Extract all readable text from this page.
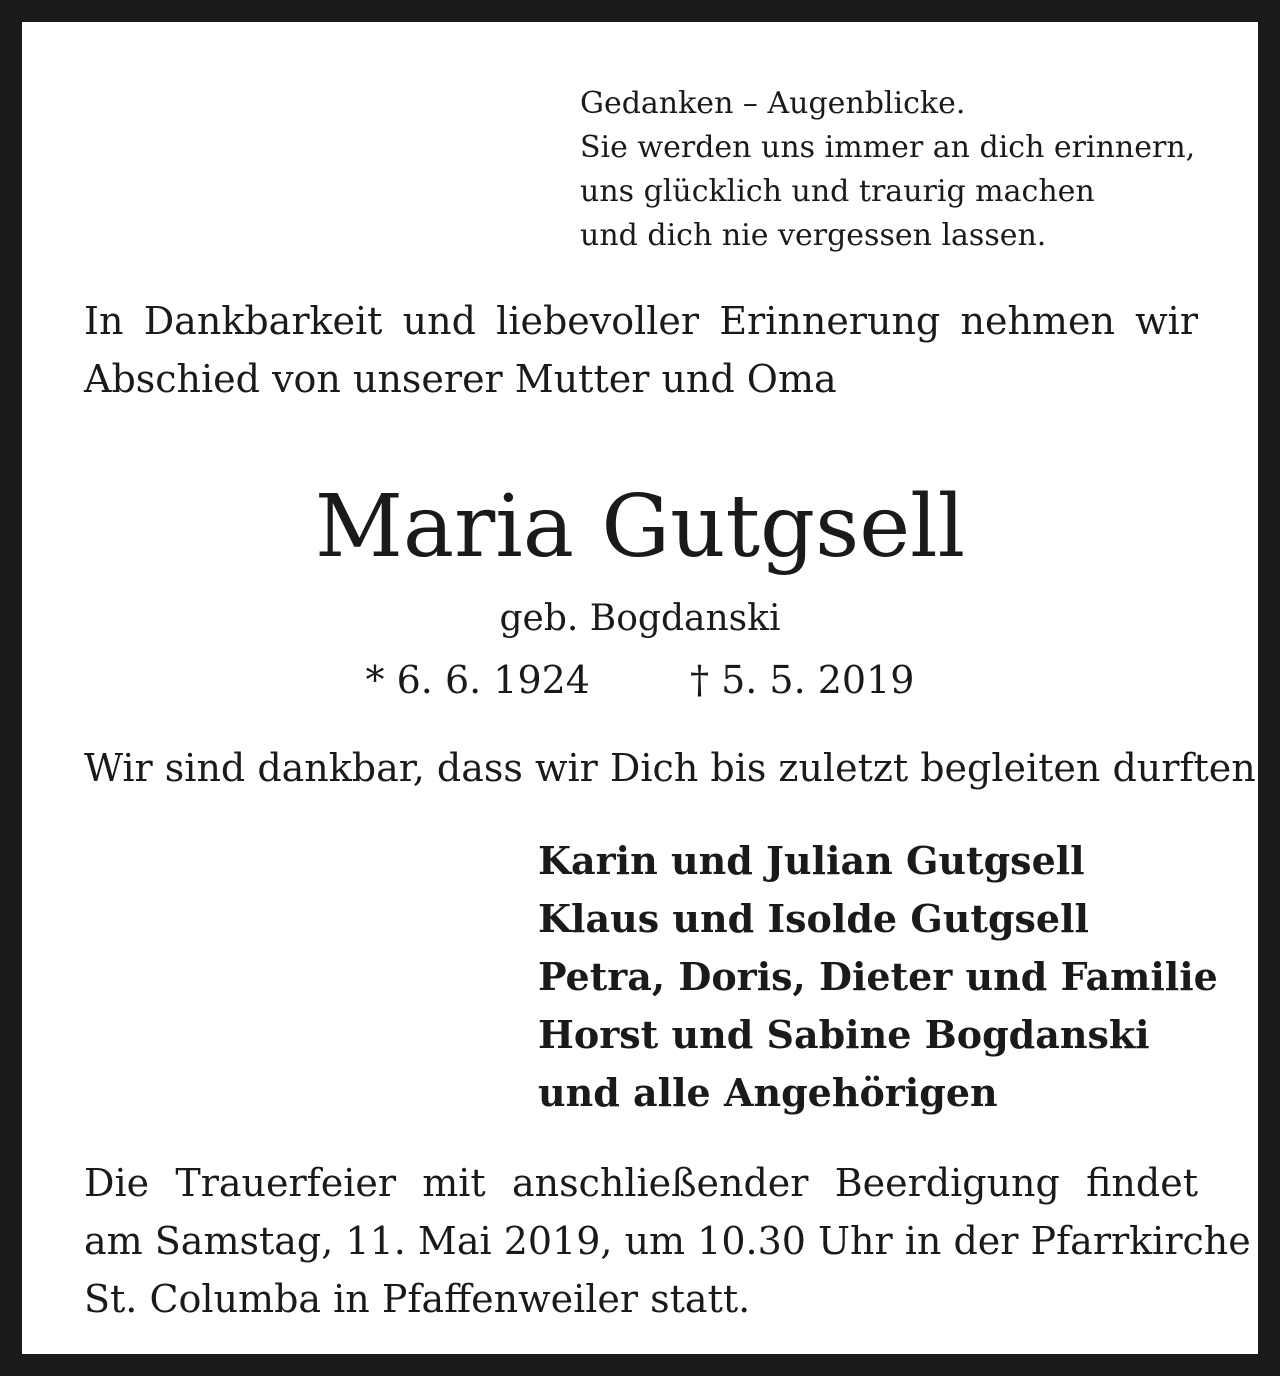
Gedanken – Augenblicke.
Sie werden uns immer an dich erinnern,
uns glücklich und traurig machen
und dich nie vergessen lassen.
In Dankbarkeit und liebevoller Erinnerung nehmen wir
Abschied von unserer Mutter und Oma
Maria Gutgsell
geb. Bogdanski
* 6. 6. 1924	† 5. 5. 2019
Wir sind dankbar, dass wir Dich bis zuletzt begleiten durften.
Karin und Julian Gutgsell
Klaus und Isolde Gutgsell
Petra, Doris, Dieter und Familie
Horst und Sabine Bogdanski
und alle Angehörigen
Die Trauerfeier mit anschließender Beerdigung findet
am Samstag, 11. Mai 2019, um 10.30 Uhr in der Pfarrkirche
St. Columba in Pfaffenweiler statt.
